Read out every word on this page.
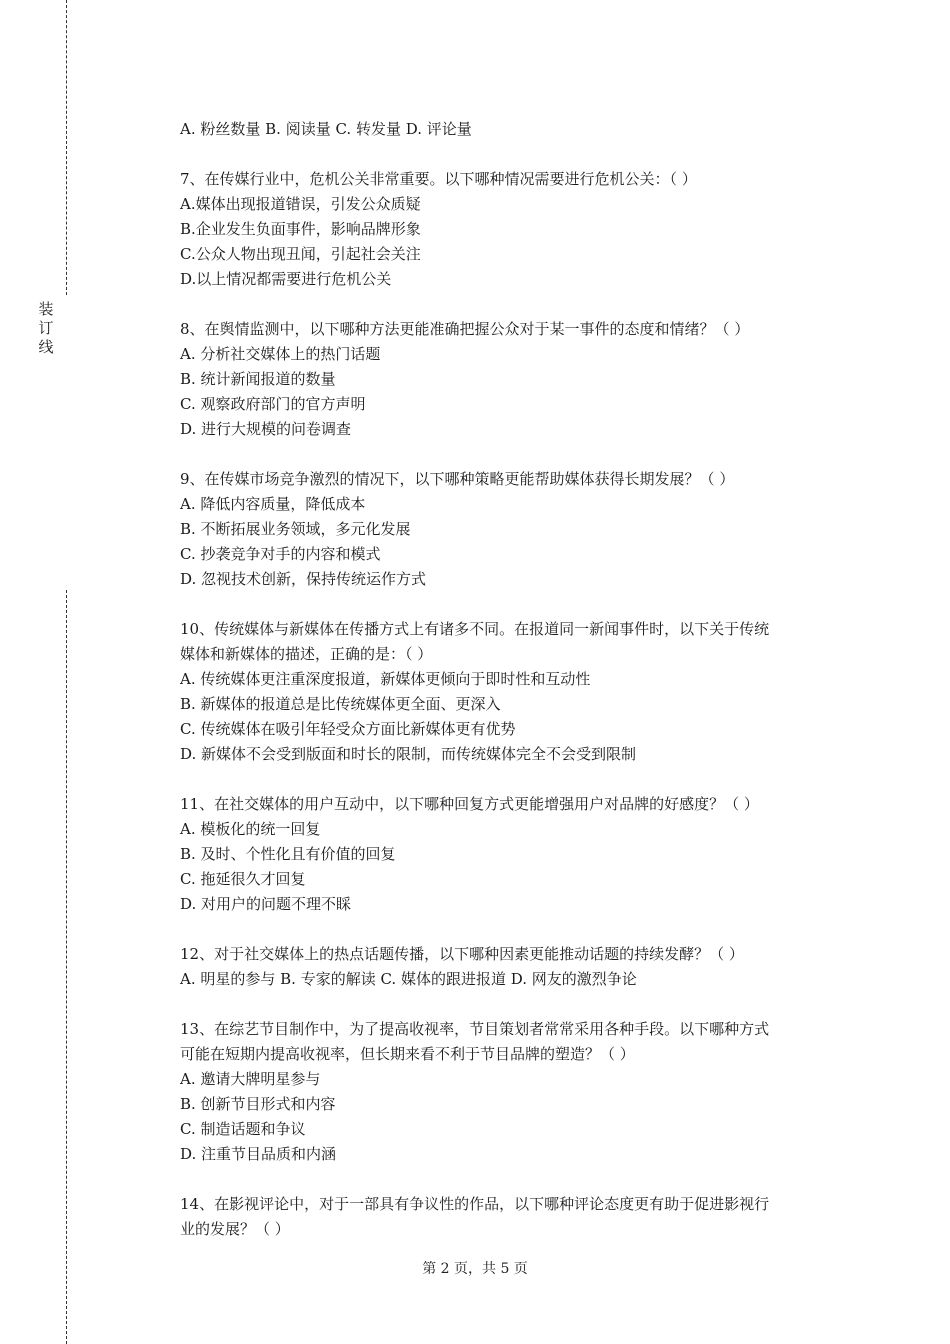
装
订
线

A. 粉丝数量 B. 阅读量 C. 转发量 D. 评论量

7、在传媒行业中，危机公关非常重要。以下哪种情况需要进行危机公关：（ ）

A.媒体出现报道错误，引发公众质疑

B.企业发生负面事件，影响品牌形象

C.公众人物出现丑闻，引起社会关注

D.以上情况都需要进行危机公关

8、在舆情监测中，以下哪种方法更能准确把握公众对于某一事件的态度和情绪？（ ）

A. 分析社交媒体上的热门话题

B. 统计新闻报道的数量

C. 观察政府部门的官方声明

D. 进行大规模的问卷调查

9、在传媒市场竞争激烈的情况下，以下哪种策略更能帮助媒体获得长期发展？（ ）

A. 降低内容质量，降低成本

B. 不断拓展业务领域，多元化发展

C. 抄袭竞争对手的内容和模式

D. 忽视技术创新，保持传统运作方式

10、传统媒体与新媒体在传播方式上有诸多不同。在报道同一新闻事件时，以下关于传统

媒体和新媒体的描述，正确的是：（ ）

A. 传统媒体更注重深度报道，新媒体更倾向于即时性和互动性

B. 新媒体的报道总是比传统媒体更全面、更深入

C. 传统媒体在吸引年轻受众方面比新媒体更有优势

D. 新媒体不会受到版面和时长的限制，而传统媒体完全不会受到限制

11、在社交媒体的用户互动中，以下哪种回复方式更能增强用户对品牌的好感度？（ ）

A. 模板化的统一回复

B. 及时、个性化且有价值的回复

C. 拖延很久才回复

D. 对用户的问题不理不睬

12、对于社交媒体上的热点话题传播，以下哪种因素更能推动话题的持续发酵？（ ）

A. 明星的参与 B. 专家的解读 C. 媒体的跟进报道 D. 网友的激烈争论

13、在综艺节目制作中，为了提高收视率，节目策划者常常采用各种手段。以下哪种方式

可能在短期内提高收视率，但长期来看不利于节目品牌的塑造？（ ）

A. 邀请大牌明星参与

B. 创新节目形式和内容

C. 制造话题和争议

D. 注重节目品质和内涵

14、在影视评论中，对于一部具有争议性的作品，以下哪种评论态度更有助于促进影视行

业的发展？（ ）

第 2 页，共 5 页
